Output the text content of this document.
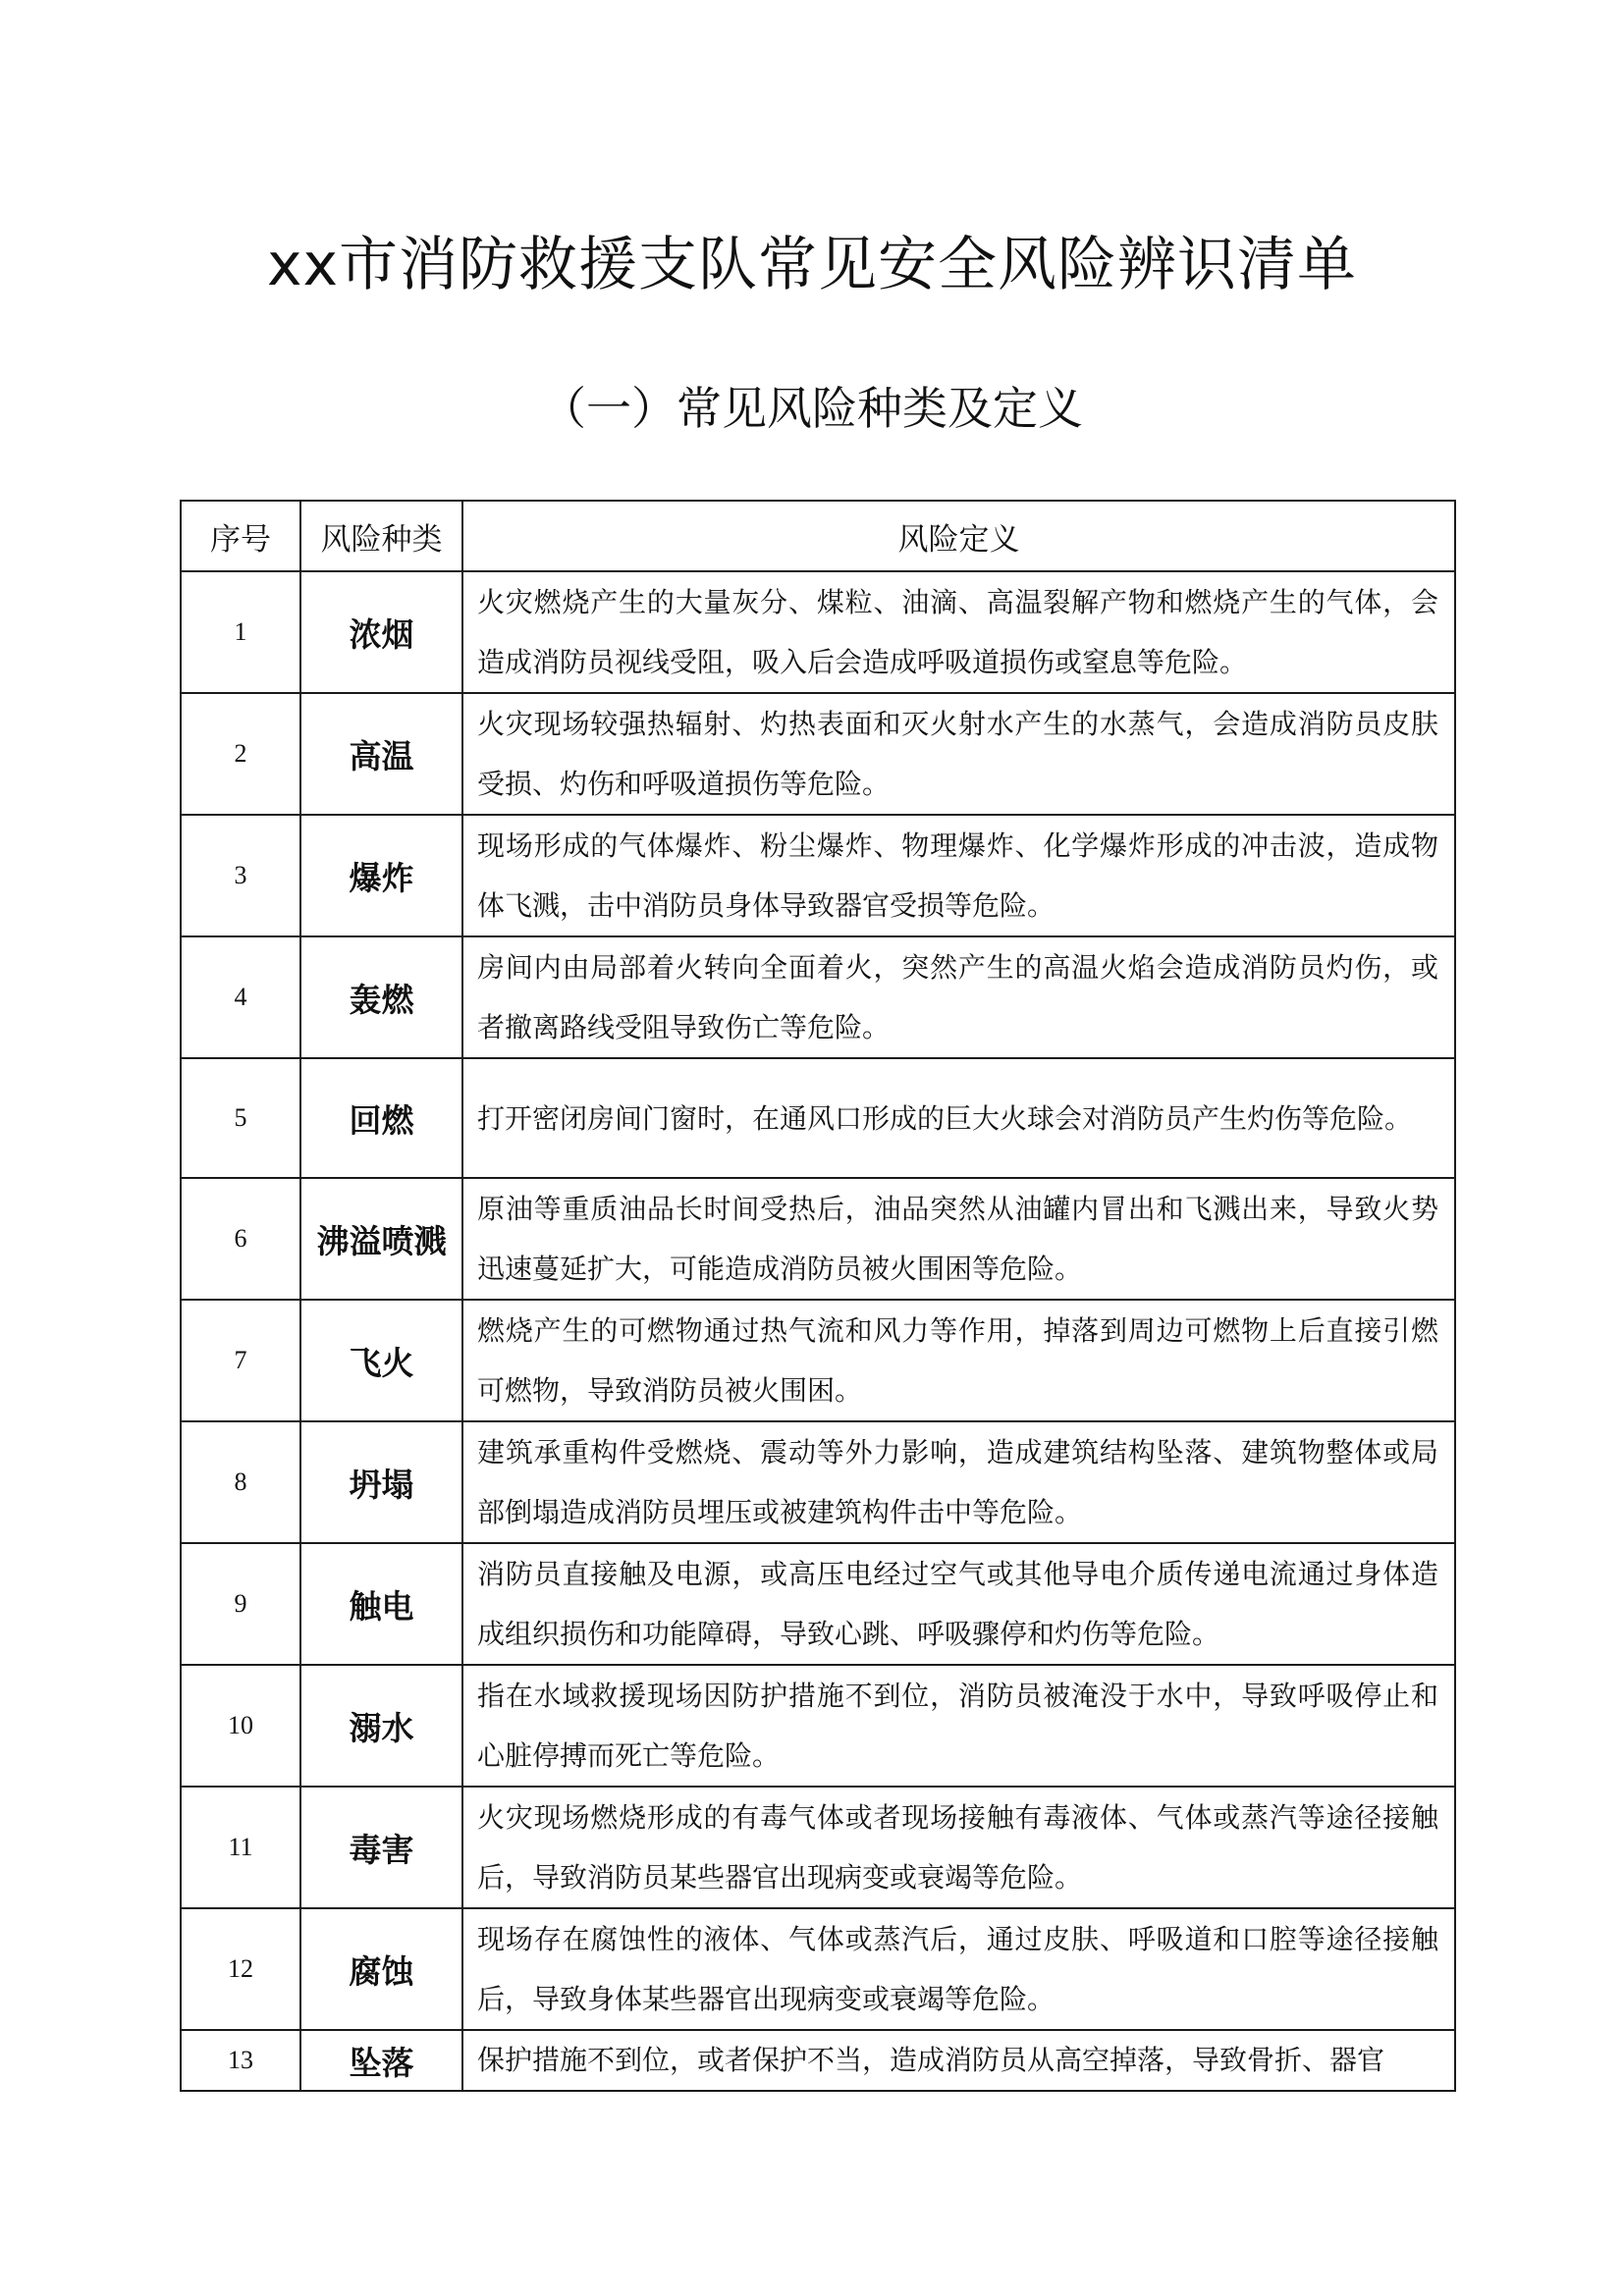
xx市消防救援支队常见安全风险辨识清单
（一）常见风险种类及定义
序号	风险种类	风险定义
1	浓烟	火灾燃烧产生的大量灰分、煤粒、油滴、高温裂解产物和燃烧产生的气体，会造成消防员视线受阻，吸入后会造成呼吸道损伤或窒息等危险。
2	高温	火灾现场较强热辐射、灼热表面和灭火射水产生的水蒸气，会造成消防员皮肤受损、灼伤和呼吸道损伤等危险。
3	爆炸	现场形成的气体爆炸、粉尘爆炸、物理爆炸、化学爆炸形成的冲击波，造成物体飞溅，击中消防员身体导致器官受损等危险。
4	轰燃	房间内由局部着火转向全面着火，突然产生的高温火焰会造成消防员灼伤，或者撤离路线受阻导致伤亡等危险。
5	回燃	打开密闭房间门窗时，在通风口形成的巨大火球会对消防员产生灼伤等危险。
6	沸溢喷溅	原油等重质油品长时间受热后，油品突然从油罐内冒出和飞溅出来，导致火势迅速蔓延扩大，可能造成消防员被火围困等危险。
7	飞火	燃烧产生的可燃物通过热气流和风力等作用，掉落到周边可燃物上后直接引燃可燃物，导致消防员被火围困。
8	坍塌	建筑承重构件受燃烧、震动等外力影响，造成建筑结构坠落、建筑物整体或局部倒塌造成消防员埋压或被建筑构件击中等危险。
9	触电	消防员直接触及电源，或高压电经过空气或其他导电介质传递电流通过身体造成组织损伤和功能障碍，导致心跳、呼吸骤停和灼伤等危险。
10	溺水	指在水域救援现场因防护措施不到位，消防员被淹没于水中，导致呼吸停止和心脏停搏而死亡等危险。
11	毒害	火灾现场燃烧形成的有毒气体或者现场接触有毒液体、气体或蒸汽等途径接触后，导致消防员某些器官出现病变或衰竭等危险。
12	腐蚀	现场存在腐蚀性的液体、气体或蒸汽后，通过皮肤、呼吸道和口腔等途径接触后，导致身体某些器官出现病变或衰竭等危险。
13	坠落	保护措施不到位，或者保护不当，造成消防员从高空掉落，导致骨折、器官
